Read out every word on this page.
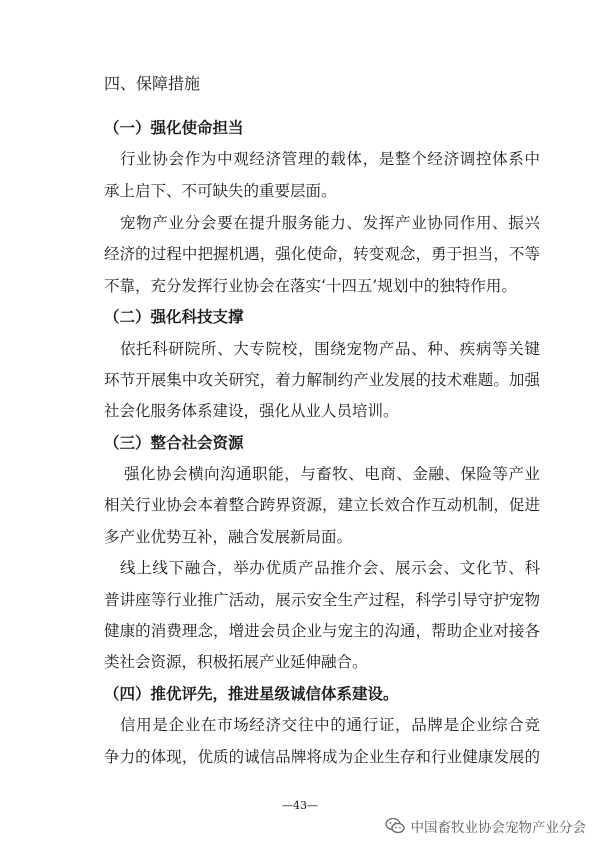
四、保障措施
（一）强化使命担当
行业协会作为中观经济管理的载体，是整个经济调控体系中
承上启下、不可缺失的重要层面。
宠物产业分会要在提升服务能力、发挥产业协同作用、振兴
经济的过程中把握机遇，强化使命，转变观念，勇于担当，不等
不靠，充分发挥行业协会在落实‘十四五’规划中的独特作用。
（二）强化科技支撑
依托科研院所、大专院校，围绕宠物产品、种、疾病等关键
环节开展集中攻关研究，着力解制约产业发展的技术难题。加强
社会化服务体系建设，强化从业人员培训。
（三）整合社会资源
强化协会横向沟通职能，与畜牧、电商、金融、保险等产业
相关行业协会本着整合跨界资源，建立长效合作互动机制，促进
多产业优势互补，融合发展新局面。
线上线下融合，举办优质产品推介会、展示会、文化节、科
普讲座等行业推广活动，展示安全生产过程，科学引导守护宠物
健康的消费理念，增进会员企业与宠主的沟通，帮助企业对接各
类社会资源，积极拓展产业延伸融合。
（四）推优评先，推进星级诚信体系建设。
信用是企业在市场经济交往中的通行证，品牌是企业综合竞
争力的体现，优质的诚信品牌将成为企业生存和行业健康发展的
—43—
中国畜牧业协会宠物产业分会
